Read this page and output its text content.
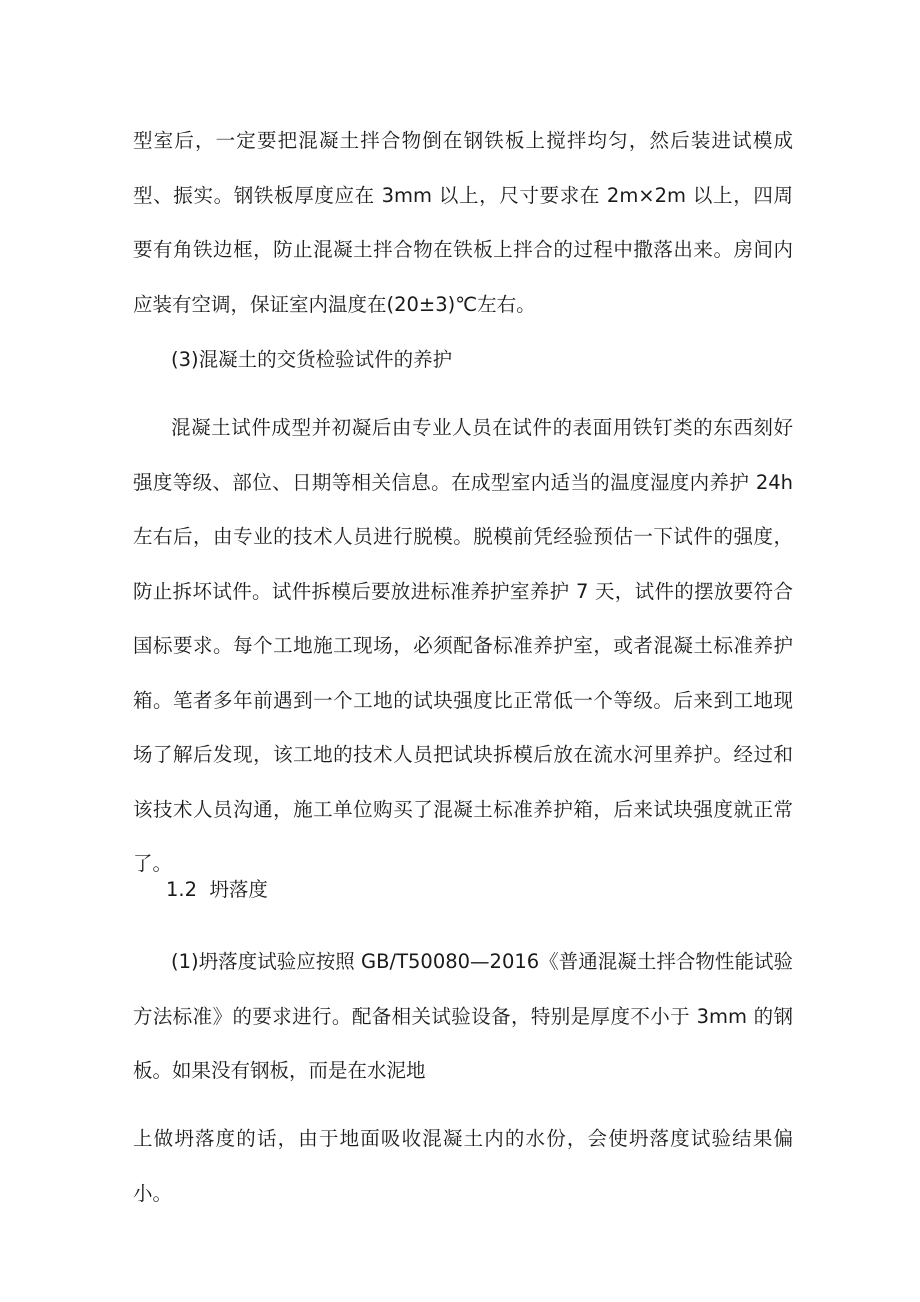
型室后，一定要把混凝土拌合物倒在钢铁板上搅拌均匀，然后装进试模成型、振实。钢铁板厚度应在 3mm 以上，尺寸要求在 2m×2m 以上，四周要有角铁边框，防止混凝土拌合物在铁板上拌合的过程中撒落出来。房间内应装有空调，保证室内温度在(20±3)℃左右。

(3)混凝土的交货检验试件的养护

混凝土试件成型并初凝后由专业人员在试件的表面用铁钉类的东西刻好强度等级、部位、日期等相关信息。在成型室内适当的温度湿度内养护 24h 左右后，由专业的技术人员进行脱模。脱模前凭经验预估一下试件的强度，防止拆坏试件。试件拆模后要放进标准养护室养护 7 天，试件的摆放要符合国标要求。每个工地施工现场，必须配备标准养护室，或者混凝土标准养护箱。笔者多年前遇到一个工地的试块强度比正常低一个等级。后来到工地现场了解后发现，该工地的技术人员把试块拆模后放在流水河里养护。经过和该技术人员沟通，施工单位购买了混凝土标准养护箱，后来试块强度就正常了。

1.2  坍落度

(1)坍落度试验应按照 GB/T50080—2016《普通混凝土拌合物性能试验方法标准》的要求进行。配备相关试验设备，特别是厚度不小于 3mm 的钢板。如果没有钢板，而是在水泥地

上做坍落度的话，由于地面吸收混凝土内的水份，会使坍落度试验结果偏小。
